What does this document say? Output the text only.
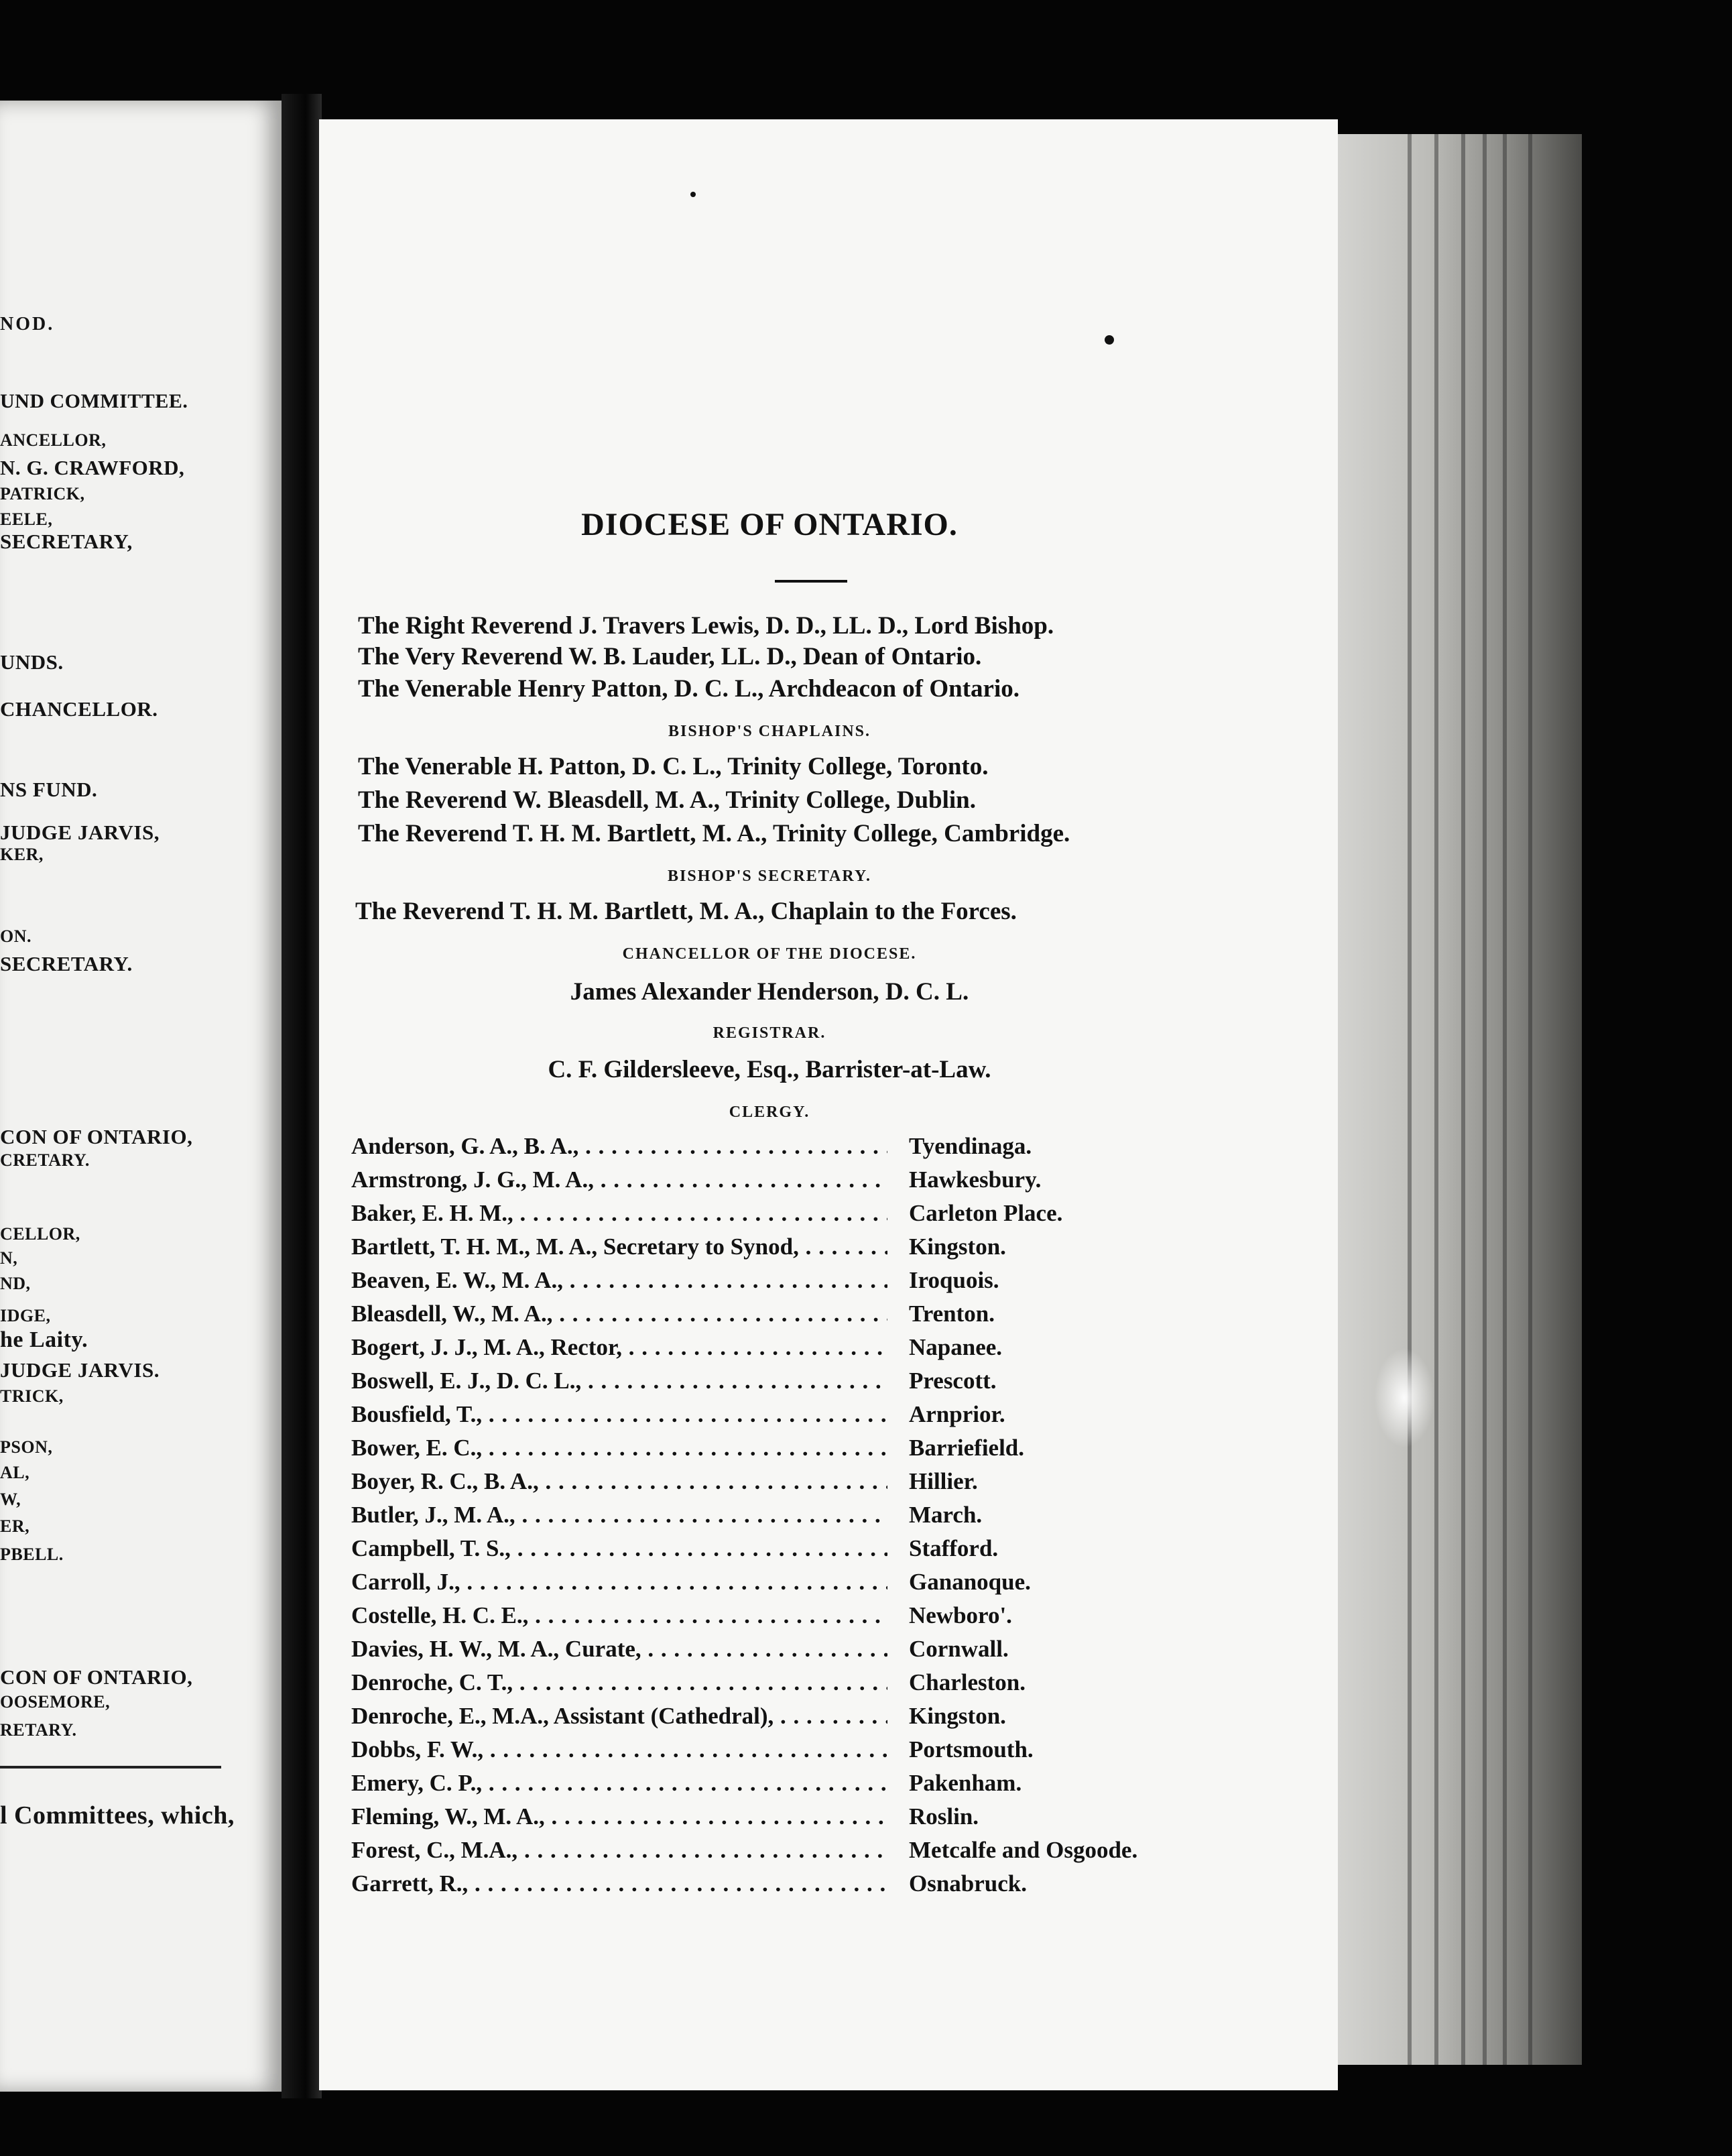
NOD.
UND COMMITTEE.
ANCELLOR,
N. G. CRAWFORD,
PATRICK,
EELE,
SECRETARY,
UNDS.
CHANCELLOR.
NS FUND.
JUDGE JARVIS,
KER,
ON.
SECRETARY.
CON OF ONTARIO,
CRETARY.
CELLOR,
N,
ND,
IDGE,
he Laity.
JUDGE JARVIS.
TRICK,
PSON,
AL,
W,
ER,
PBELL.
CON OF ONTARIO,
OOSEMORE,
RETARY.
l Committees, which,
DIOCESE OF ONTARIO.
The Right Reverend J. Travers Lewis, D. D., LL. D., Lord Bishop.
The Very Reverend W. B. Lauder, LL. D., Dean of Ontario.
The Venerable Henry Patton, D. C. L., Archdeacon of Ontario.
BISHOP'S CHAPLAINS.
The Venerable H. Patton, D. C. L., Trinity College, Toronto.
The Reverend W. Bleasdell, M. A., Trinity College, Dublin.
The Reverend T. H. M. Bartlett, M. A., Trinity College, Cambridge.
BISHOP'S SECRETARY.
The Reverend T. H. M. Bartlett, M. A., Chaplain to the Forces.
CHANCELLOR OF THE DIOCESE.
James Alexander Henderson, D. C. L.
REGISTRAR.
C. F. Gildersleeve, Esq., Barrister-at-Law.
CLERGY.
Anderson, G. A., B. A., . . .	Tyendinaga.
Armstrong, J. G., M. A., . . .	Hawkesbury.
Baker, E. H. M., . . .	Carleton Place.
Bartlett, T. H. M., M. A., Secretary to Synod, . . .	Kingston.
Beaven, E. W., M. A., . . .	Iroquois.
Bleasdell, W., M. A., . . .	Trenton.
Bogert, J. J., M. A., Rector, . . .	Napanee.
Boswell, E. J., D. C. L., . . .	Prescott.
Bousfield, T., . . .	Arnprior.
Bower, E. C., . . .	Barriefield.
Boyer, R. C., B. A., . . .	Hillier.
Butler, J., M. A., . . .	March.
Campbell, T. S., . . .	Stafford.
Carroll, J., . . .	Gananoque.
Costelle, H. C. E., . . .	Newboro'.
Davies, H. W., M. A., Curate, . . .	Cornwall.
Denroche, C. T., . . .	Charleston.
Denroche, E., M.A., Assistant (Cathedral), . . .	Kingston.
Dobbs, F. W., . . .	Portsmouth.
Emery, C. P., . . .	Pakenham.
Fleming, W., M. A., . . .	Roslin.
Forest, C., M.A., . . .	Metcalfe and Osgoode.
Garrett, R., . . .	Osnabruck.
